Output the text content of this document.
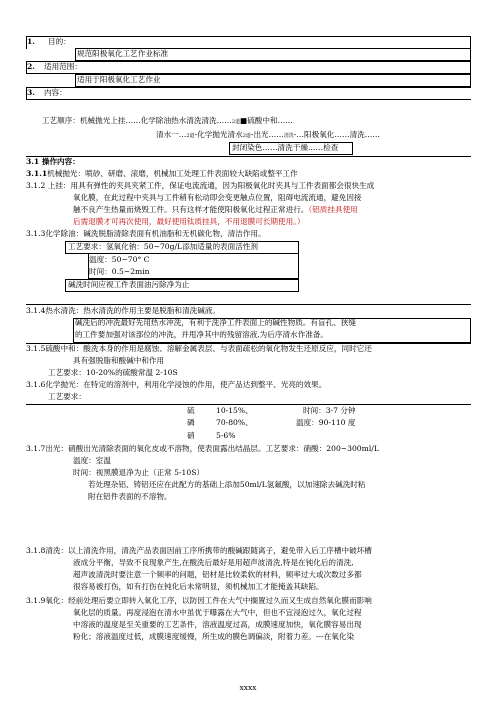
1. 目的：
规范阳极氧化工艺作业标准
2. 适用范围：
适用于阳极氧化工艺作业
3. 内容：
工艺顺序：机械抛光上挂……化学除油热水清洗清洗……2道■硫酸中和……
清水一…2道-化学抛光清水2道-出光……清洗-…阳极氧化……清洗……
封闭染色……清洗干燥……检查
3.1 操作内容：
3.1.1机械抛光：喷砂、研磨、滚磨，机械加工处理工件表面较大缺陷或整平工作
3.1.2 上挂：用具有弹性的夹具夹紧工件，保证电流流通，因为阳极氧化时夹具与工件表面都会很快生成
氧化膜，在此过程中夹具与工件稍有松动即会变更触点位置，阻碍电流流通，避免因接
触不良产生热量而烧毁工件。只有这样才能使阳极氧化过程正常进行。（铝质挂具使用
后需退膜才可再次使用，最好使用钛质挂具，不用退膜可长期使用。）
3.1.3化学除油：碱洗脱脂清除表面有机油脂和无机碳化物，清洁作用。
工艺要求：氢氧化钠：50~70g/L添加适量的表面活性剂
温度：50~70° C
时间：0.5~2min
碱洗时间应视工件表面油污除净为止
3.1.4热水清洗：热水清洗的作用主要是脱脂和清洗碱液。
碱洗后的冲洗最好先用热水冲洗，有利于洗净工件表面上的碱性物质。有盲孔、狭缝
的工件要加强对该部位的冲洗，并甩净其中的残留溶液,为后序清水作准备。
3.1.5硫酸中和：酸洗本身的作用是腐蚀、溶解金属表层、与表面疏松的氧化物发生还原反应，同时它还
具有强脱脂和酸碱中和作用
工艺要求：10-20%的硫酸常温 2-10S
3.1.6化学抛光：在特定的溶剂中，利用化学浸蚀的作用，使产品达到整平、光亮的效果。
工艺要求：
硫	10-15%、	时间：3-7 分钟
磷	70-80%、	温度：90-110 度
硝	5-6%
3.1.7出光：硝酸出光清除表面的氧化皮或不溶物，使表面露出结晶层。工艺要求：硝酸：200~300ml/L
温度：室温
时间：视黑膜退净为止（正常 5-10S）
若处理杂铝、铸铝还应在此配方的基础上添加50ml/L氢氟酸，以加速除去碱洗时粘
附在铝件表面的不溶物。
3.1.8清洗：以上清洗作用，清洗产品表面因前工序所携带的酸碱跟随离子，避免带入后工序槽中破坏槽
液成分平衡，导致不良现象产生,在酸洗后最好是用超声波清洗,特是在钝化后的清洗,
超声波清洗时要注意一个频率的问题，铝材是比较柔软的材料，频率过大或次数过多都
很容易被打伤，如有打伤在钝化后未常明显，须机械加工才能掩盖其缺陷。
3.1.9氧化：经前处理后要立即转入氧化工序，以防因工件在大气中搁置过久而又生成自然氧化膜而影响
氧化层的质量。再度浸泡在清水中虽优于曝露在大气中，但也不宜浸泡过久，氧化过程
中溶液的温度是至关重要的工艺条件，溶液温度过高，成膜速度加快，氧化膜容易出现
粉化；溶液温度过低，成膜速度缓慢，所生成的膜色调偏淡，附着力差。---在氧化染
xxxx
